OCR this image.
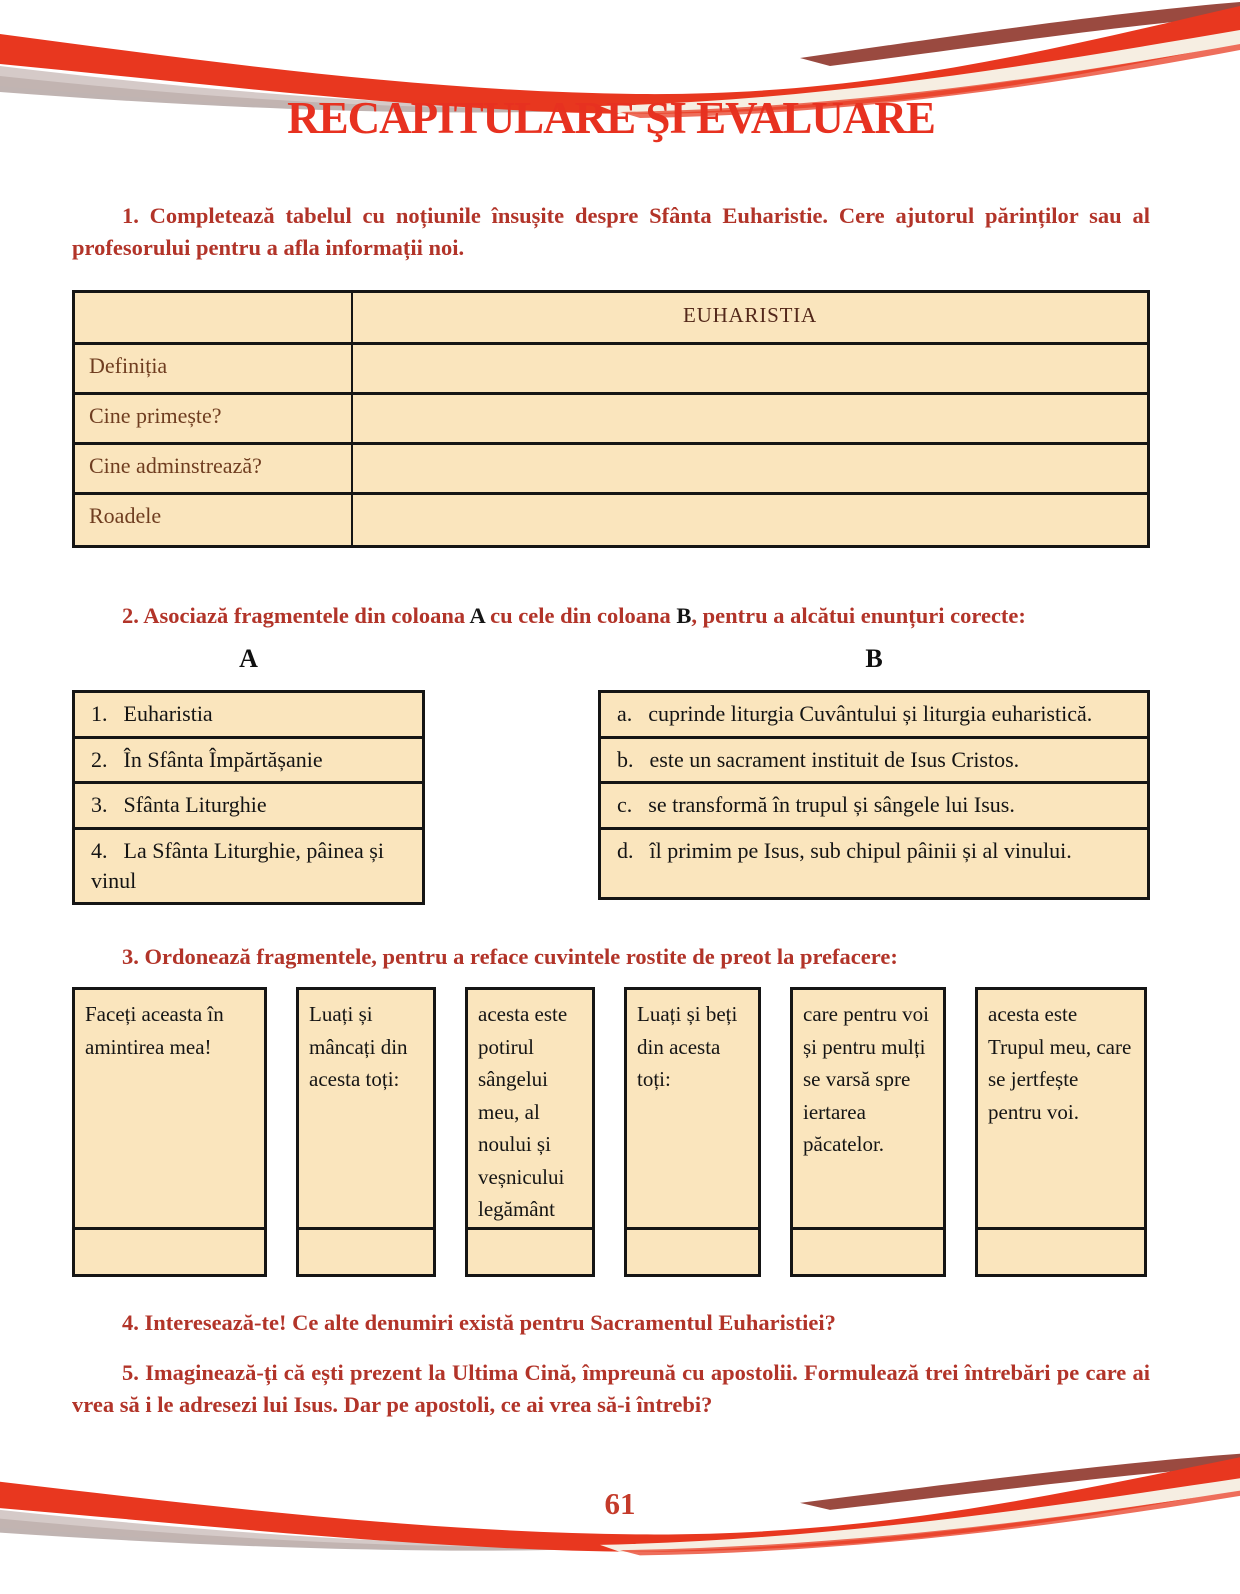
RECAPITULARE ŞI EVALUARE

1. Completează tabelul cu noțiunile însușite despre Sfânta Euharistie. Cere ajutorul părinților sau al profesorului pentru a afla informații noi.

EUHARISTIA
Definiția
Cine primește?
Cine adminstrează?
Roadele

2. Asociază fragmentele din coloana A cu cele din coloana B, pentru a alcătui enunțuri corecte:

A	B
1. Euharistia
2. În Sfânta Împărtășanie
3. Sfânta Liturghie
4. La Sfânta Liturghie, pâinea și vinul
a. cuprinde liturgia Cuvântului și liturgia euharistică.
b. este un sacrament instituit de Isus Cristos.
c. se transformă în trupul și sângele lui Isus.
d. îl primim pe Isus, sub chipul pâinii și al vinului.

3. Ordonează fragmentele, pentru a reface cuvintele rostite de preot la prefacere:

Faceți aceasta în amintirea mea!
Luați și mâncați din acesta toți:
acesta este potirul sângelui meu, al noului și veșnicului legământ
Luați și beți din acesta toți:
care pentru voi și pentru mulți se varsă spre iertarea păcatelor.
acesta este Trupul meu, care se jertfește pentru voi.

4. Interesează-te! Ce alte denumiri există pentru Sacramentul Euharistiei?

5. Imaginează-ți că ești prezent la Ultima Cină, împreună cu apostolii. Formulează trei întrebări pe care ai vrea să i le adresezi lui Isus. Dar pe apostoli, ce ai vrea să-i întrebi?

61
